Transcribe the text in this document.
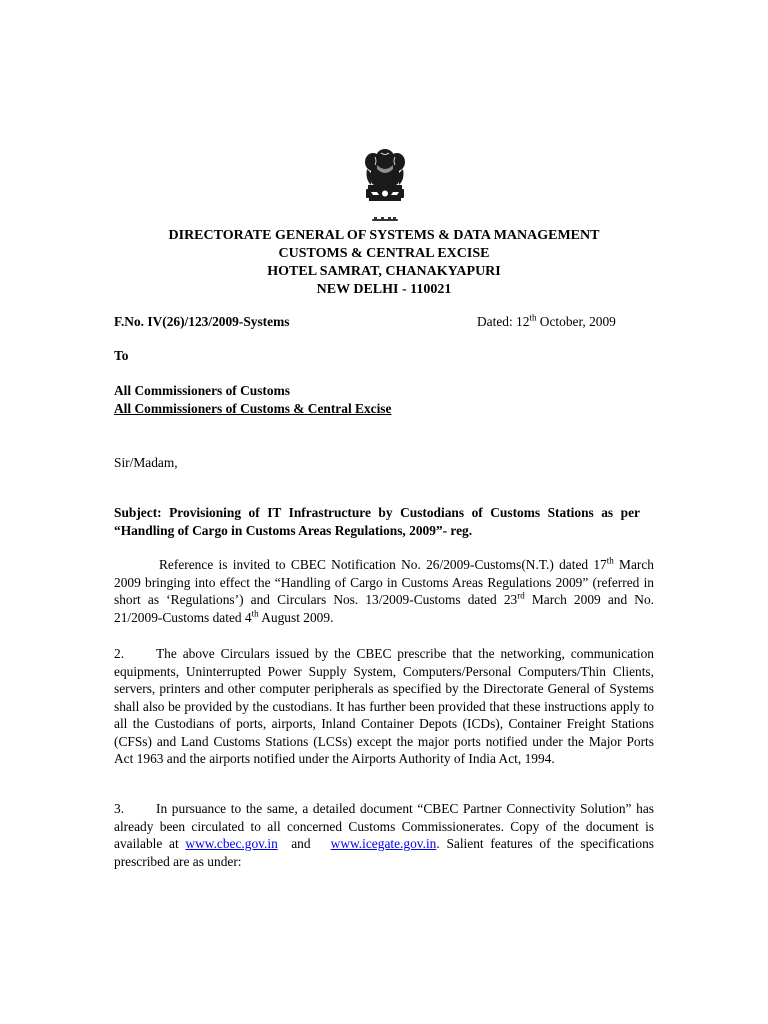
DIRECTORATE GENERAL OF SYSTEMS & DATA MANAGEMENT
CUSTOMS & CENTRAL EXCISE
HOTEL SAMRAT, CHANAKYAPURI
NEW DELHI - 110021
F.No. IV(26)/123/2009-Systems	Dated: 12th October, 2009
To
All Commissioners of Customs
All Commissioners of Customs & Central Excise
Sir/Madam,
Subject: Provisioning of IT Infrastructure by Custodians of Customs Stations as per “Handling of Cargo in Customs Areas Regulations, 2009”- reg.
Reference is invited to CBEC Notification No. 26/2009-Customs(N.T.) dated 17th March 2009 bringing into effect the “Handling of Cargo in Customs Areas Regulations 2009” (referred in short as ‘Regulations’) and Circulars Nos. 13/2009-Customs dated 23rd March 2009 and No. 21/2009-Customs dated 4th August 2009.
2. The above Circulars issued by the CBEC prescribe that the networking, communication equipments, Uninterrupted Power Supply System, Computers/Personal Computers/Thin Clients, servers, printers and other computer peripherals as specified by the Directorate General of Systems shall also be provided by the custodians. It has further been provided that these instructions apply to all the Custodians of ports, airports, Inland Container Depots (ICDs), Container Freight Stations (CFSs) and Land Customs Stations (LCSs) except the major ports notified under the Major Ports Act 1963 and the airports notified under the Airports Authority of India Act, 1994.
3. In pursuance to the same, a detailed document “CBEC Partner Connectivity Solution” has already been circulated to all concerned Customs Commissionerates. Copy of the document is available at www.cbec.gov.in  and   www.icegate.gov.in. Salient features of the specifications prescribed are as under:
